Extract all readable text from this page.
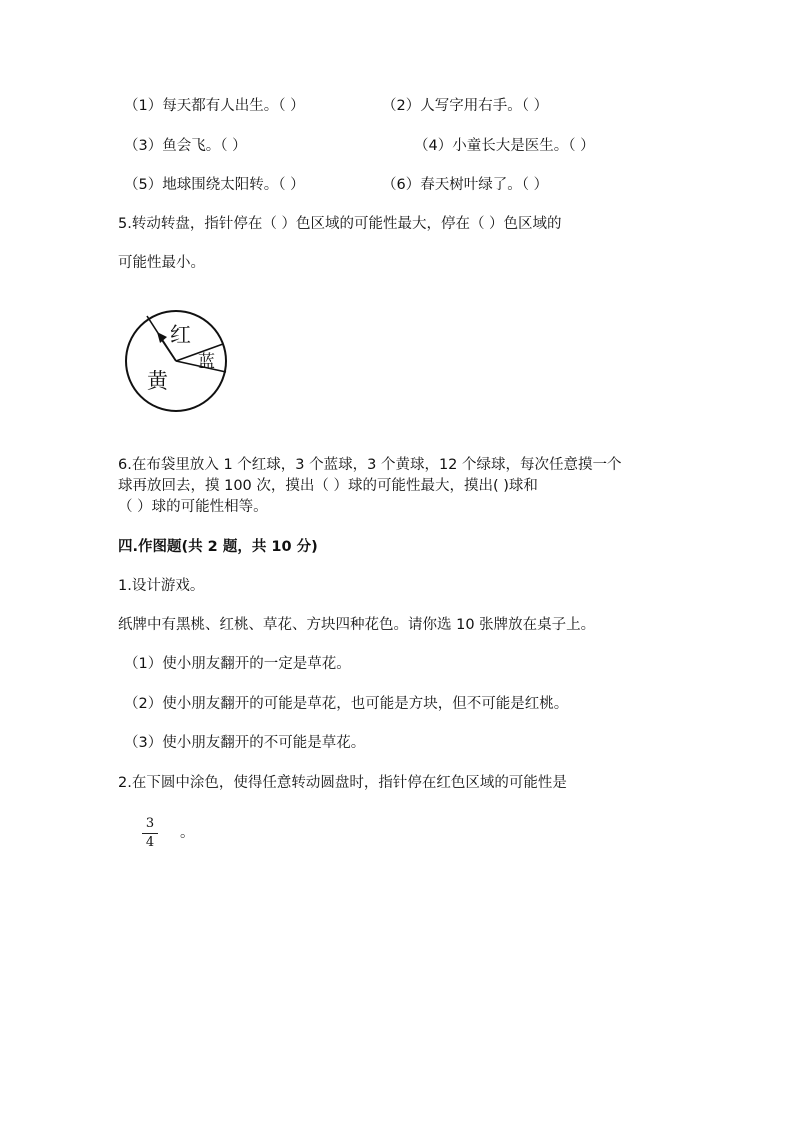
（1）每天都有人出生。（ ）	（2）人写字用右手。（ ）
（3）鱼会飞。（ ）	（4）小童长大是医生。（ ）
（5）地球围绕太阳转。（ ）	（6）春天树叶绿了。（ ）
5.转动转盘，指针停在（ ）色区域的可能性最大，停在（ ）色区域的
可能性最小。
红
蓝
黄
6.在布袋里放入 1 个红球，3 个蓝球，3 个黄球，12 个绿球，每次任意摸一个
球再放回去，摸 100 次，摸出（ ）球的可能性最大，摸出( )球和
（ ）球的可能性相等。
四.作图题(共 2 题，共 10 分)
1.设计游戏。
纸牌中有黑桃、红桃、草花、方块四种花色。请你选 10 张牌放在桌子上。
（1）使小朋友翻开的一定是草花。
（2）使小朋友翻开的可能是草花，也可能是方块，但不可能是红桃。
（3）使小朋友翻开的不可能是草花。
2.在下圆中涂色，使得任意转动圆盘时，指针停在红色区域的可能性是
3
4
。
